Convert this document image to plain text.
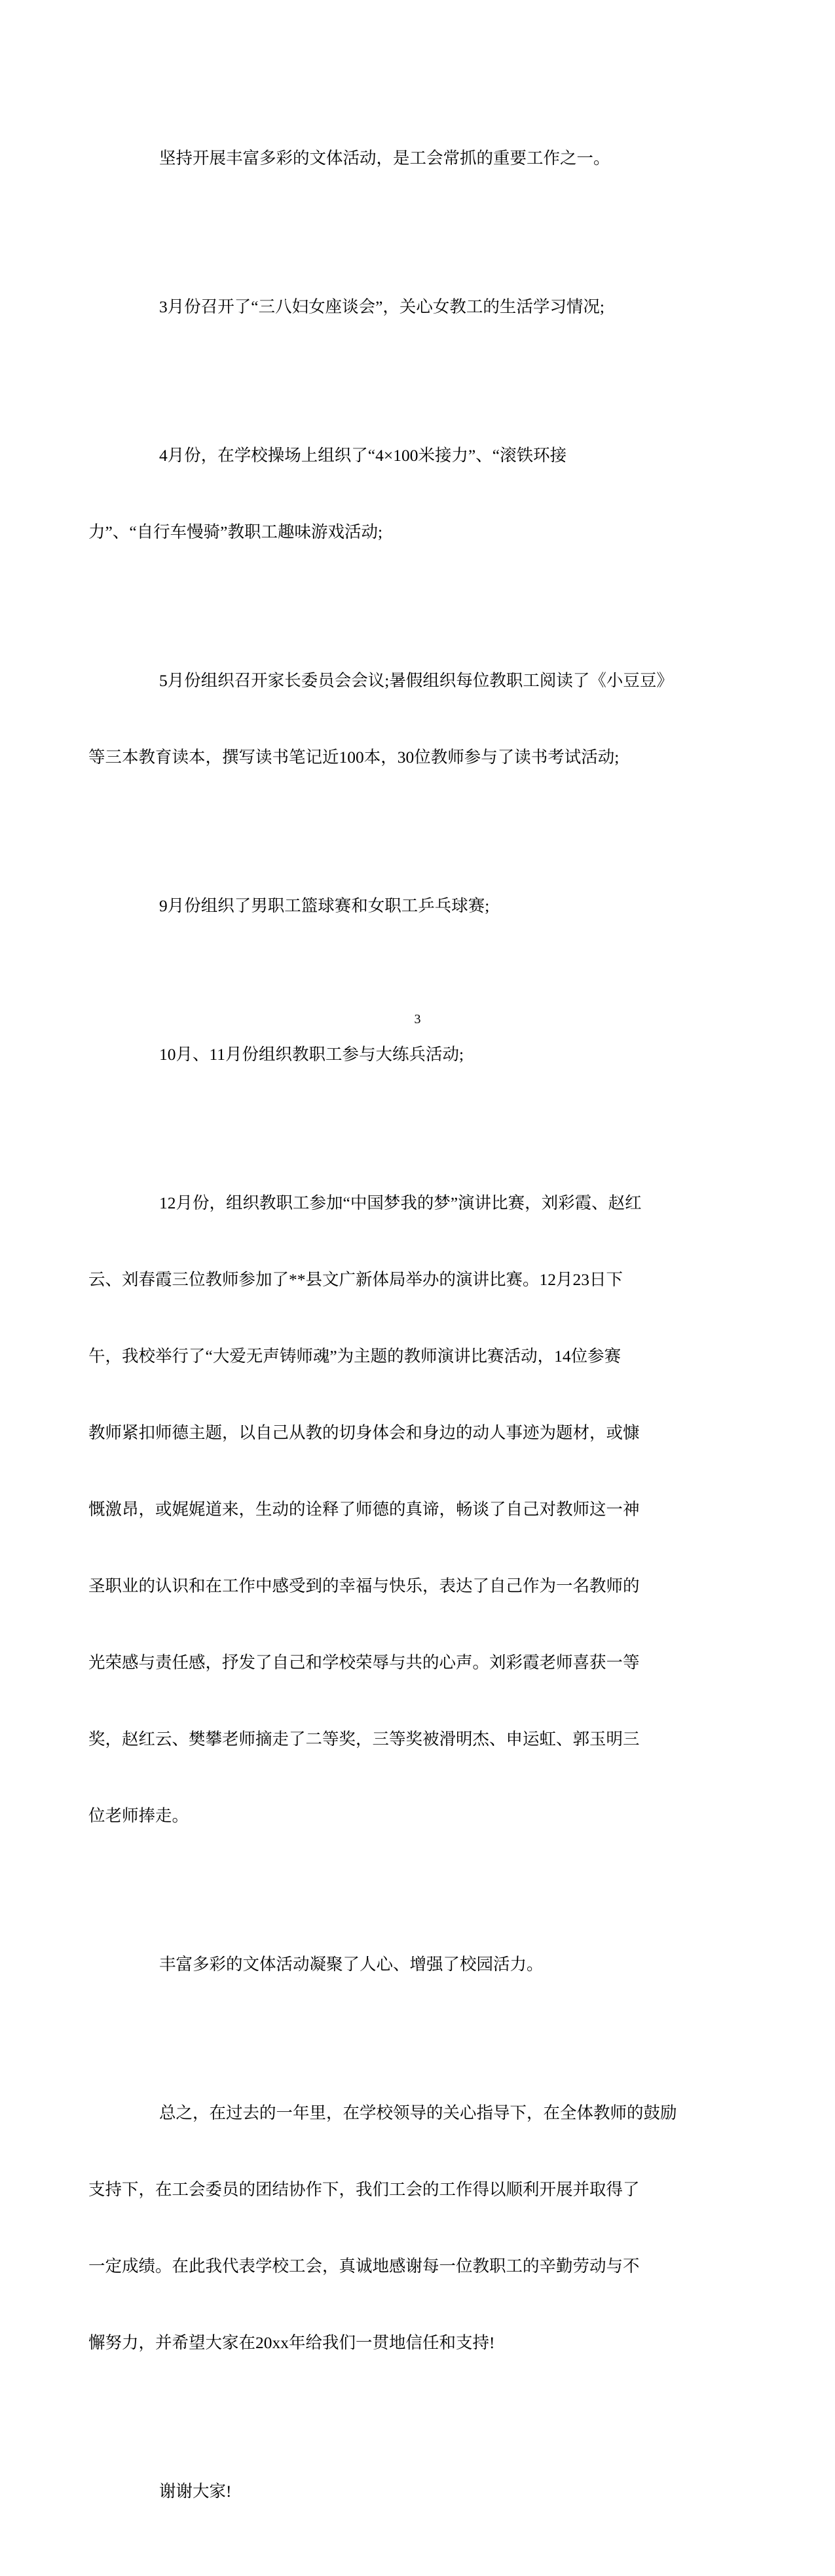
坚持开展丰富多彩的文体活动，是工会常抓的重要工作之一。

3月份召开了“三八妇女座谈会”，关心女教工的生活学习情况;

4月份，在学校操场上组织了“4×100米接力”、“滚铁环接

力”、“自行车慢骑”教职工趣味游戏活动;

5月份组织召开家长委员会会议;暑假组织每位教职工阅读了《小豆豆》

等三本教育读本，撰写读书笔记近100本，30位教师参与了读书考试活动;

9月份组织了男职工篮球赛和女职工乒乓球赛;

10月、11月份组织教职工参与大练兵活动;

12月份，组织教职工参加“中国梦我的梦”演讲比赛，刘彩霞、赵红

云、刘春霞三位教师参加了**县文广新体局举办的演讲比赛。12月23日下

午，我校举行了“大爱无声铸师魂”为主题的教师演讲比赛活动，14位参赛

教师紧扣师德主题，以自己从教的切身体会和身边的动人事迹为题材，或慷

慨激昂，或娓娓道来，生动的诠释了师德的真谛，畅谈了自己对教师这一神

圣职业的认识和在工作中感受到的幸福与快乐，表达了自己作为一名教师的

光荣感与责任感，抒发了自己和学校荣辱与共的心声。刘彩霞老师喜获一等

奖，赵红云、樊攀老师摘走了二等奖，三等奖被滑明杰、申运虹、郭玉明三

位老师捧走。

丰富多彩的文体活动凝聚了人心、增强了校园活力。

总之，在过去的一年里，在学校领导的关心指导下，在全体教师的鼓励

支持下，在工会委员的团结协作下，我们工会的工作得以顺利开展并取得了

一定成绩。在此我代表学校工会，真诚地感谢每一位教职工的辛勤劳动与不

懈努力，并希望大家在20xx年给我们一贯地信任和支持!

谢谢大家!

3
